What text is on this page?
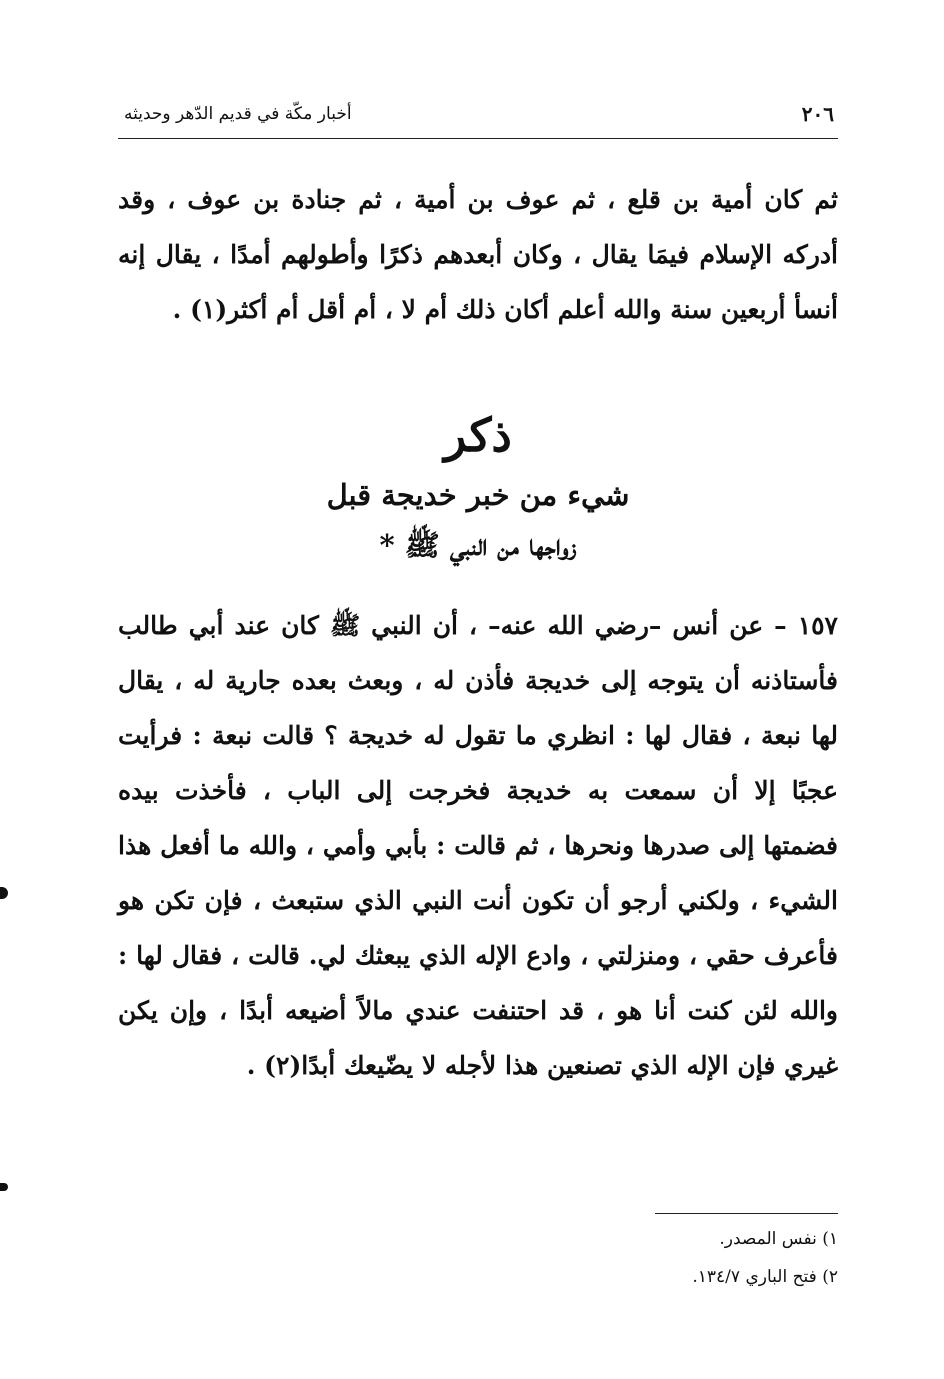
٢٠٦
أخبار مكّة في قديم الدّهر وحديثه

ثم كان أمية بن قلع ، ثم عوف بن أمية ، ثم جنادة بن عوف ، وقد أدركه الإسلام فيمَا يقال ، وكان أبعدهم ذكرًا وأطولهم أمدًا ، يقال إنه أنسأ أربعين سنة والله أعلم أكان ذلك أم لا ، أم أقل أم أكثر(١) .

ذكر
شيء من خبر خديجة قبل
زواجها من النبي ﷺ *

١٥٧ – عن أنس –رضي الله عنه– ، أن النبي ﷺ كان عند أبي طالب فأستاذنه أن يتوجه إلى خديجة فأذن له ، وبعث بعده جارية له ، يقال لها نبعة ، فقال لها : انظري ما تقول له خديجة ؟ قالت نبعة : فرأيت عجبًا إلا أن سمعت به خديجة فخرجت إلى الباب ، فأخذت بيده فضمتها إلى صدرها ونحرها ، ثم قالت : بأبي وأمي ، والله ما أفعل هذا الشيء ، ولكني أرجو أن تكون أنت النبي الذي ستبعث ، فإن تكن هو فأعرف حقي ، ومنزلتي ، وادع الإله الذي يبعثك لي. قالت ، فقال لها : والله لئن كنت أنا هو ، قد احتنفت عندي مالاً أضيعه أبدًا ، وإن يكن غيري فإن الإله الذي تصنعين هذا لأجله لا يضّيعك أبدًا(٢) .

١) نفس المصدر.
٢) فتح الباري ١٣٤/٧.
